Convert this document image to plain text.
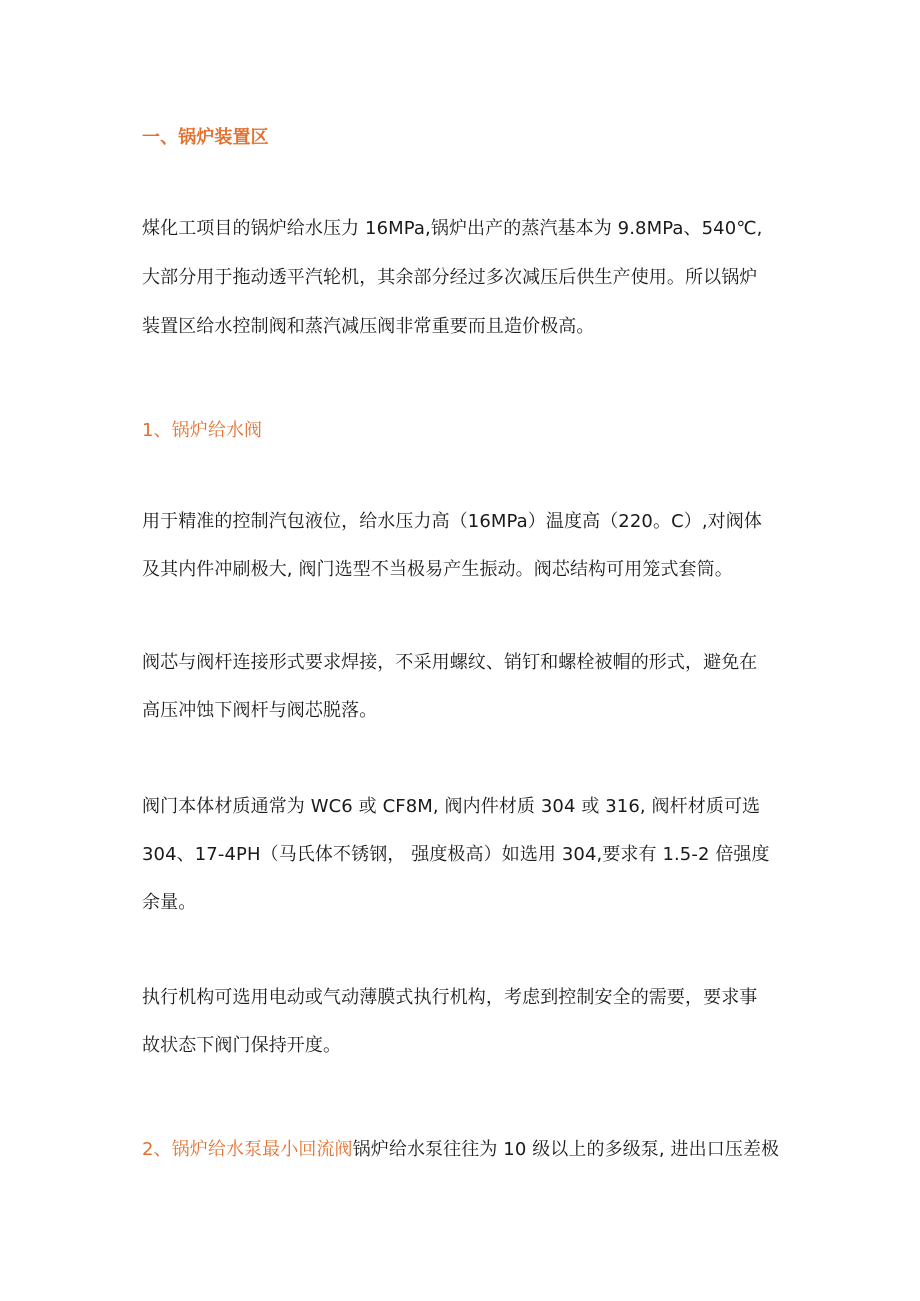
一、锅炉装置区
煤化工项目的锅炉给水压力 16MPa,锅炉出产的蒸汽基本为 9.8MPa、540℃,
大部分用于拖动透平汽轮机，其余部分经过多次减压后供生产使用。所以锅炉
装置区给水控制阀和蒸汽减压阀非常重要而且造价极高。
1、锅炉给水阀
用于精准的控制汽包液位，给水压力高（16MPa）温度高（220。C）,对阀体
及其内件冲刷极大, 阀门选型不当极易产生振动。阀芯结构可用笼式套筒。
阀芯与阀杆连接形式要求焊接，不采用螺纹、销钉和螺栓被帽的形式，避免在
高压冲蚀下阀杆与阀芯脱落。
阀门本体材质通常为 WC6 或 CF8M, 阀内件材质 304 或 316, 阀杆材质可选
304、17-4PH（马氏体不锈钢， 强度极高）如选用 304,要求有 1.5-2 倍强度
余量。
执行机构可选用电动或气动薄膜式执行机构，考虑到控制安全的需要，要求事
故状态下阀门保持开度。
2、锅炉给水泵最小回流阀锅炉给水泵往往为 10 级以上的多级泵, 进出口压差极
